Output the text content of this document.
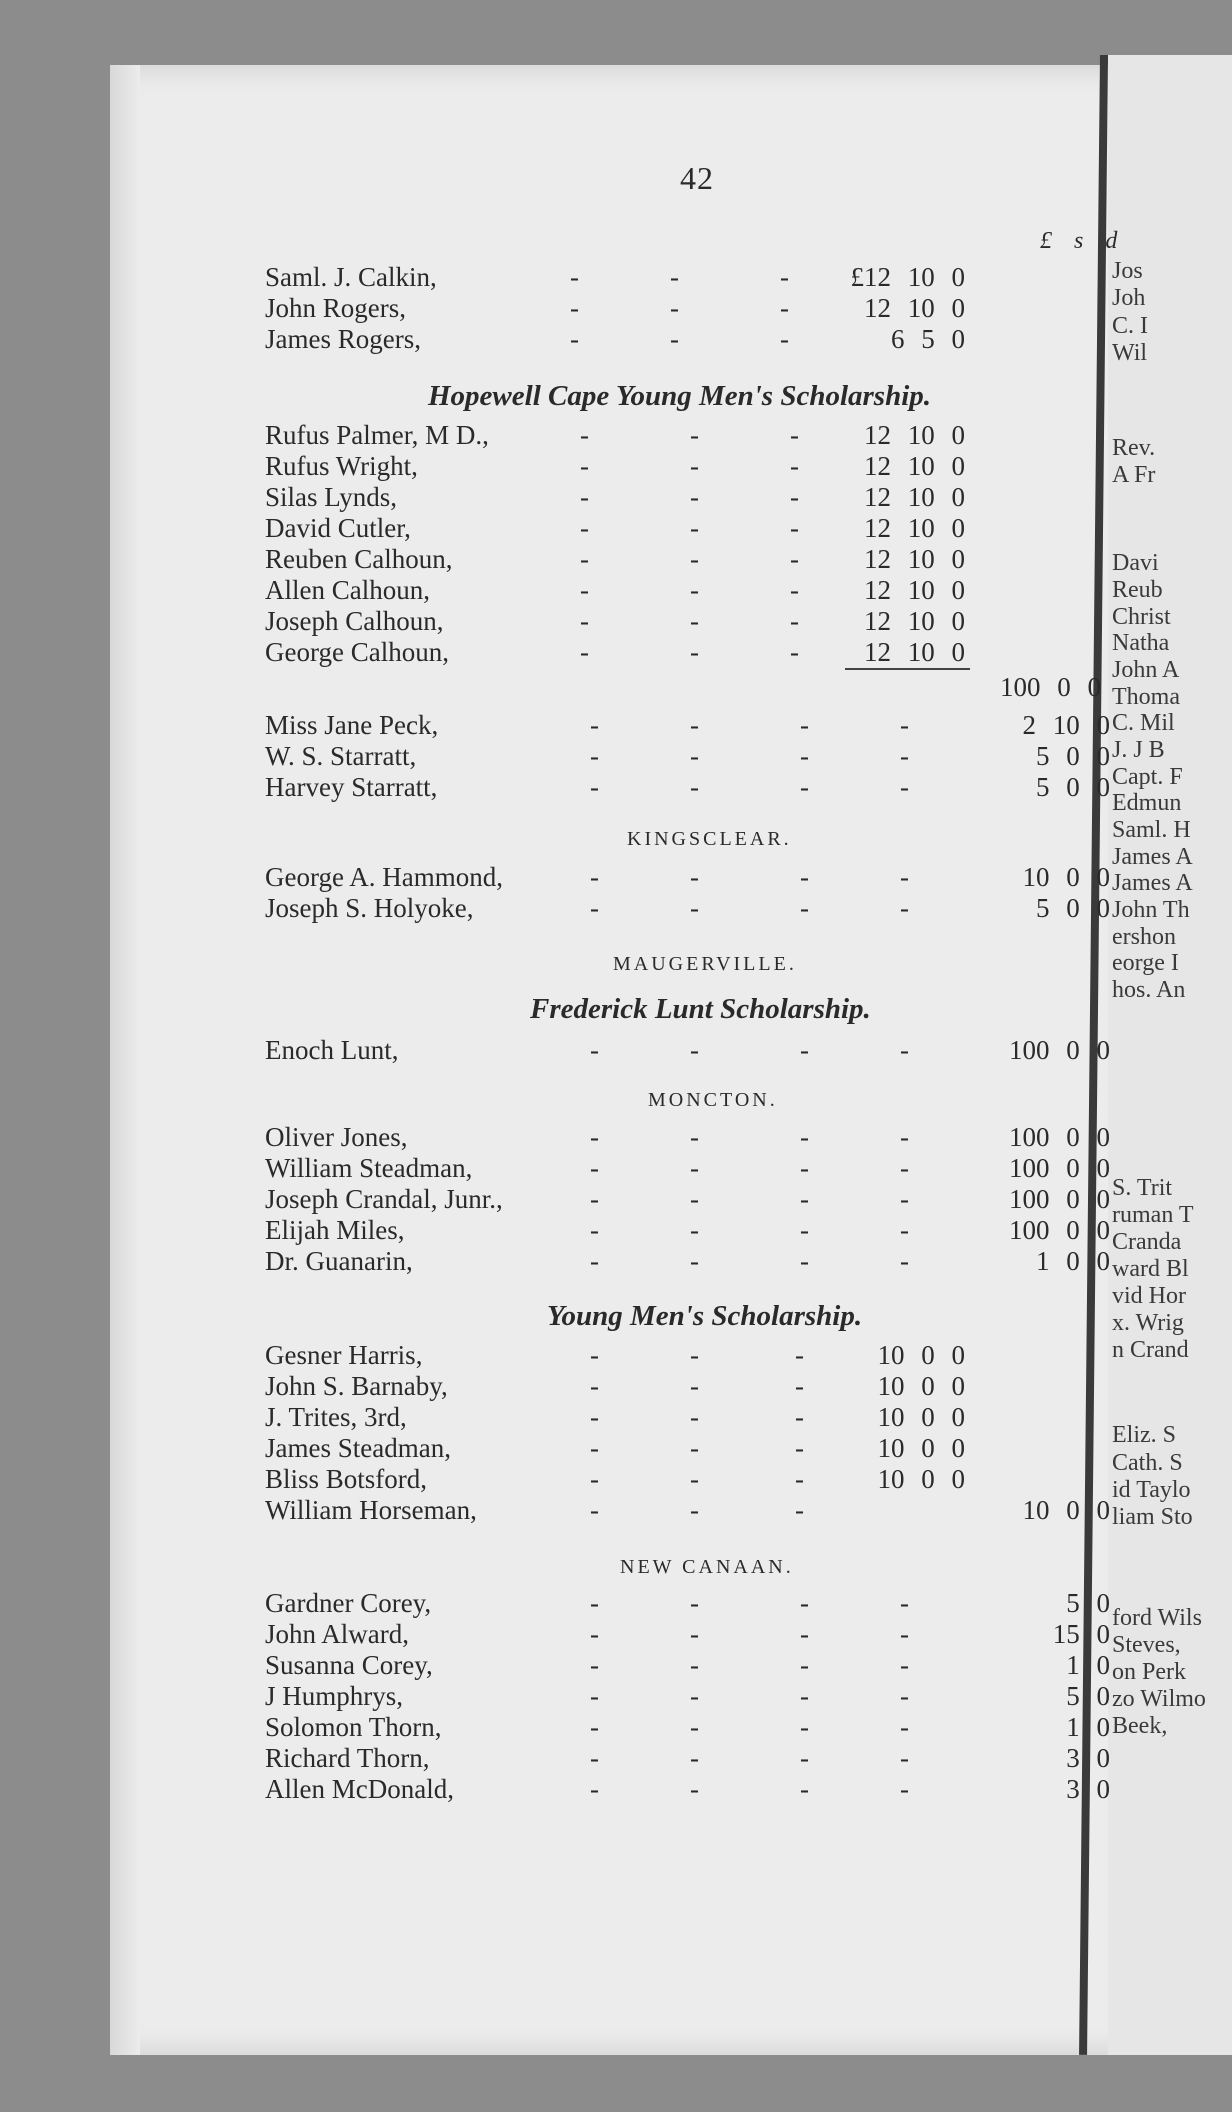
Jos
Joh
C. I
Wil
Rev.
A Fr
Davi
Reub
Christ
Natha
John A
Thoma
C. Mil
J. J B
Capt. F
Edmun
Saml. H
James A
James A
John Th
ershon
eorge I
hos. An
S. Trit
ruman T
Cranda
ward Bl
vid Hor
x. Wrig
n Crand
Eliz. S
Cath. S
id Taylo
liam Sto
ford Wils
Steves,
on Perk
zo Wilmo
Beek,
42
£ s d
Saml. J. Calkin,	-	-	- £12 10 0
John Rogers,	-	-	-	12 10 0
James Rogers,	-	-	-	6 5 0
Hopewell Cape Young Men's Scholarship.
Rufus Palmer, M D.,	-	-	- 12 10 0
Rufus Wright,	-	-	- 12 10 0
Silas Lynds,	-	-	- 12 10 0
David Cutler,	-	-	- 12 10 0
Reuben Calhoun,	-	-	- 12 10 0
Allen Calhoun,	-	-	- 12 10 0
Joseph Calhoun,	-	-	- 12 10 0
George Calhoun,	-	-	- 12 10 0
100 0 0
Miss Jane Peck,	-	-	-	-	2 10 0
W. S. Starratt,	-	-	-	-	5 0 0
Harvey Starratt,	-	-	-	-	5 0 0
KINGSCLEAR.
George A. Hammond,	-	-	-	-	10 0 0
Joseph S. Holyoke,	-	-	-	-	5 0 0
MAUGERVILLE.
Frederick Lunt Scholarship.
Enoch Lunt,	-	-	-	-	100 0 0
MONCTON.
Oliver Jones,	-	-	-	-	100 0 0
William Steadman,	-	-	-	-	100 0 0
Joseph Crandal, Junr.,	-	-	-	-	100 0 0
Elijah Miles,	-	-	-	-	100 0 0
Dr. Guanarin,	-	-	-	-	1 0 0
Young Men's Scholarship.
Gesner Harris,	-	-	-	10 0 0
John S. Barnaby,	-	-	-	10 0 0
J. Trites, 3rd,	-	-	-	10 0 0
James Steadman,	-	-	-	10 0 0
Bliss Botsford,	-	-	-	10 0 0
William Horseman,	-	-	-	10 0 0
NEW CANAAN.
Gardner Corey,	-	-	-	-	5 0
John Alward,	-	-	-	-	15 0
Susanna Corey,	-	-	-	-	1 0
J Humphrys,	-	-	-	-	5 0
Solomon Thorn,	-	-	-	-	1 0
Richard Thorn,	-	-	-	-	3 0
Allen McDonald,	-	-	-	-	3 0
